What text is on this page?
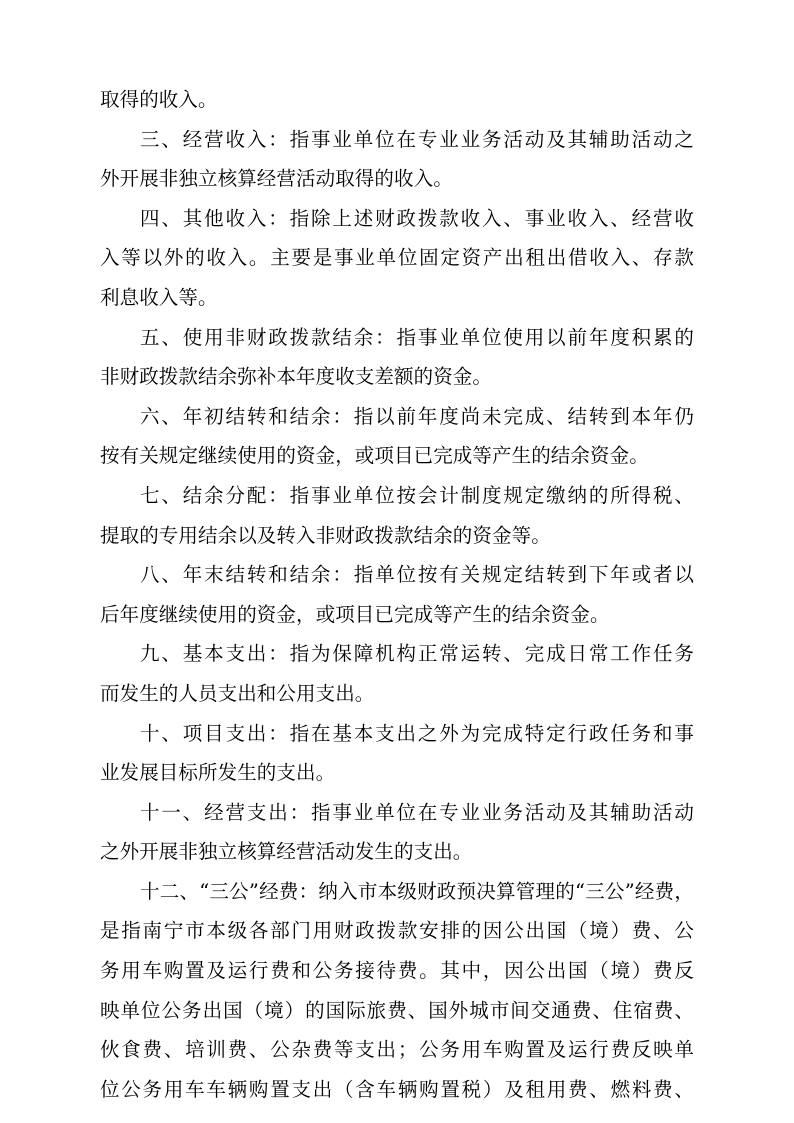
取得的收入。
三、经营收入：指事业单位在专业业务活动及其辅助活动之
外开展非独立核算经营活动取得的收入。
四、其他收入：指除上述财政拨款收入、事业收入、经营收
入等以外的收入。主要是事业单位固定资产出租出借收入、存款
利息收入等。
五、使用非财政拨款结余：指事业单位使用以前年度积累的
非财政拨款结余弥补本年度收支差额的资金。
六、年初结转和结余：指以前年度尚未完成、结转到本年仍
按有关规定继续使用的资金，或项目已完成等产生的结余资金。
七、结余分配：指事业单位按会计制度规定缴纳的所得税、
提取的专用结余以及转入非财政拨款结余的资金等。
八、年末结转和结余：指单位按有关规定结转到下年或者以
后年度继续使用的资金，或项目已完成等产生的结余资金。
九、基本支出：指为保障机构正常运转、完成日常工作任务
而发生的人员支出和公用支出。
十、项目支出：指在基本支出之外为完成特定行政任务和事
业发展目标所发生的支出。
十一、经营支出：指事业单位在专业业务活动及其辅助活动
之外开展非独立核算经营活动发生的支出。
十二、“三公”经费：纳入市本级财政预决算管理的“三公”经费，
是指南宁市本级各部门用财政拨款安排的因公出国（境）费、公
务用车购置及运行费和公务接待费。其中，因公出国（境）费反
映单位公务出国（境）的国际旅费、国外城市间交通费、住宿费、
伙食费、培训费、公杂费等支出；公务用车购置及运行费反映单
位公务用车车辆购置支出（含车辆购置税）及租用费、燃料费、
